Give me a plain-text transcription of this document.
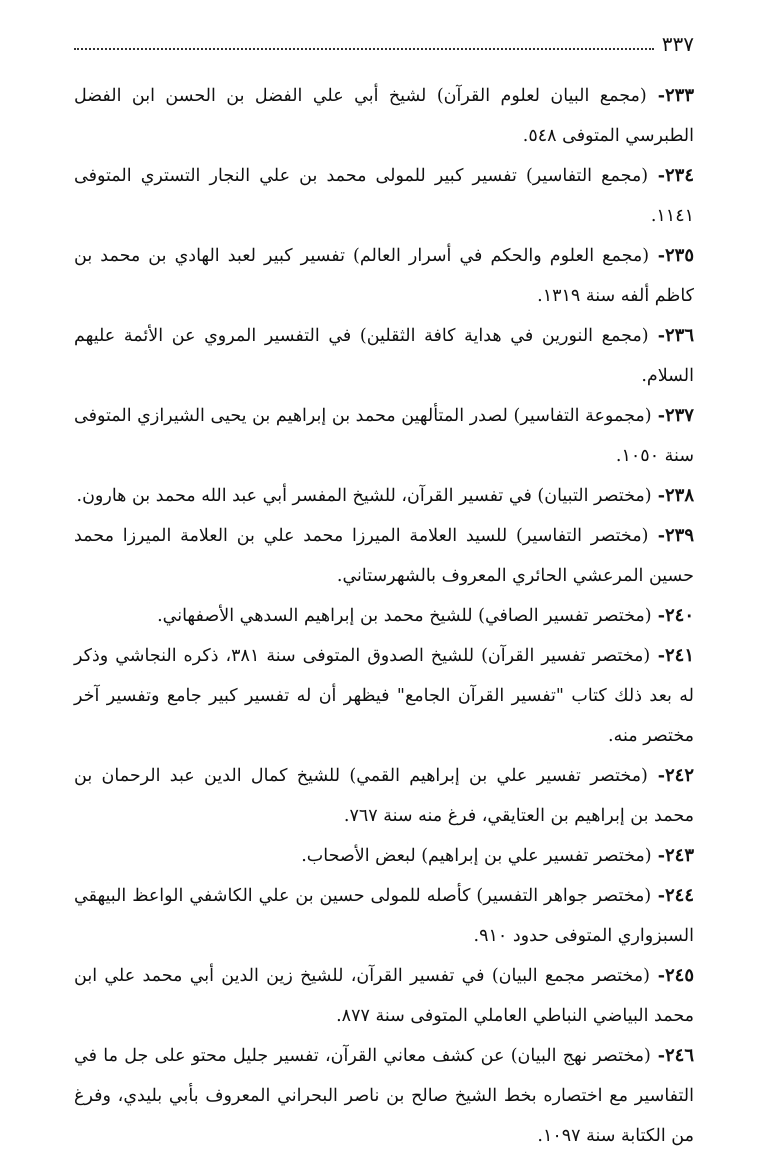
٣٣٧

٢٣٣- (مجمع البيان لعلوم القرآن) لشيخ أبي علي الفضل بن الحسن ابن الفضل الطبرسي المتوفى ٥٤٨.

٢٣٤- (مجمع التفاسير) تفسير كبير للمولى محمد بن علي النجار التستري المتوفى ١١٤١.

٢٣٥- (مجمع العلوم والحكم في أسرار العالم) تفسير كبير لعبد الهادي بن محمد بن كاظم ألفه سنة ١٣١٩.

٢٣٦- (مجمع النورين في هداية كافة الثقلين) في التفسير المروي عن الأئمة عليهم السلام.

٢٣٧- (مجموعة التفاسير) لصدر المتألهين محمد بن إبراهيم بن يحيى الشيرازي المتوفى سنة ١٠٥٠.

٢٣٨- (مختصر التبيان) في تفسير القرآن، للشيخ المفسر أبي عبد الله محمد بن هارون.

٢٣٩- (مختصر التفاسير) للسيد العلامة الميرزا محمد علي بن العلامة الميرزا محمد حسين المرعشي الحائري المعروف بالشهرستاني.

٢٤٠- (مختصر تفسير الصافي) للشيخ محمد بن إبراهيم السدهي الأصفهاني.

٢٤١- (مختصر تفسير القرآن) للشيخ الصدوق المتوفى سنة ٣٨١، ذكره النجاشي وذكر له بعد ذلك كتاب "تفسير القرآن الجامع" فيظهر أن له تفسير كبير جامع وتفسير آخر مختصر منه.

٢٤٢- (مختصر تفسير علي بن إبراهيم القمي) للشيخ كمال الدين عبد الرحمان بن محمد بن إبراهيم بن العتايقي، فرغ منه سنة ٧٦٧.

٢٤٣- (مختصر تفسير علي بن إبراهيم) لبعض الأصحاب.

٢٤٤- (مختصر جواهر التفسير) كأصله للمولى حسين بن علي الكاشفي الواعظ البيهقي السبزواري المتوفى حدود ٩١٠.

٢٤٥- (مختصر مجمع البيان) في تفسير القرآن، للشيخ زين الدين أبي محمد علي ابن محمد البياضي النباطي العاملي المتوفى سنة ٨٧٧.

٢٤٦- (مختصر نهج البيان) عن كشف معاني القرآن، تفسير جليل محتو على جل ما في التفاسير مع اختصاره بخط الشيخ صالح بن ناصر البحراني المعروف بأبي بليدي، وفرغ من الكتابة سنة ١٠٩٧.
